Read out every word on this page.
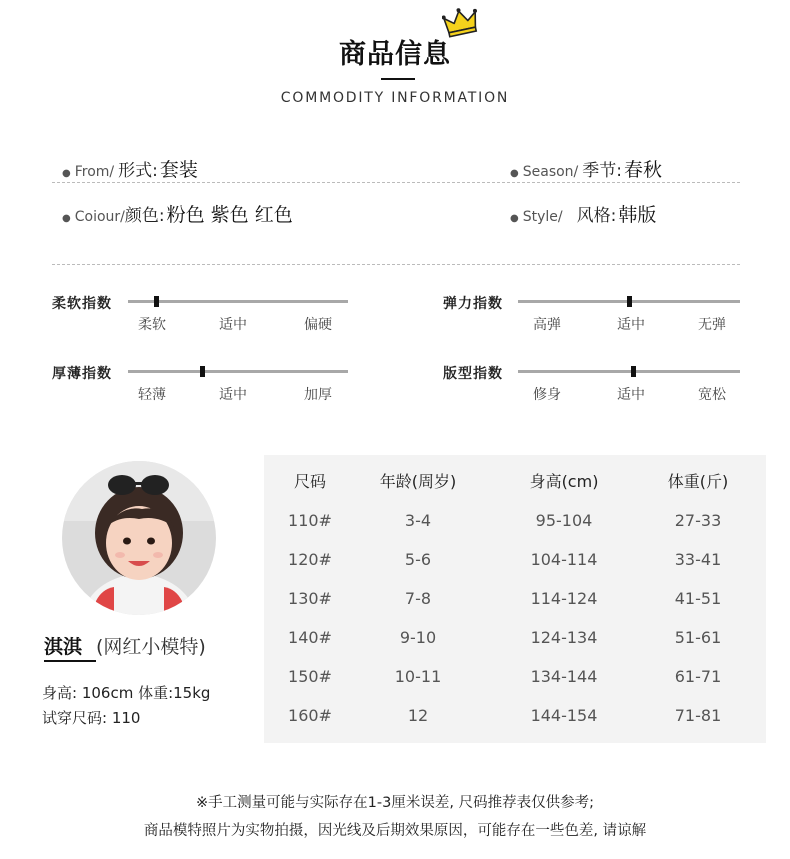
商品信息
COMMODITY INFORMATION
● From/ 形式: 套装	● Season/ 季节: 春秋
● Coiour/颜色: 粉色 紫色 红色	● Style/ 风格: 韩版
柔软指数
柔软	适中	偏硬
弹力指数
高弹	适中	无弹
厚薄指数
轻薄	适中	加厚
版型指数
修身	适中	宽松
淇淇 (网红小模特)
身高: 106cm 体重:15kg
试穿尺码: 110
尺码	年龄(周岁)	身高(cm)	体重(斤)
110#	3-4	95-104	27-33
120#	5-6	104-114	33-41
130#	7-8	114-124	41-51
140#	9-10	124-134	51-61
150#	10-11	134-144	61-71
160#	12	144-154	71-81
※手工测量可能与实际存在1-3厘米误差, 尺码推荐表仅供参考;
商品模特照片为实物拍摄，因光线及后期效果原因，可能存在一些色差, 请谅解
